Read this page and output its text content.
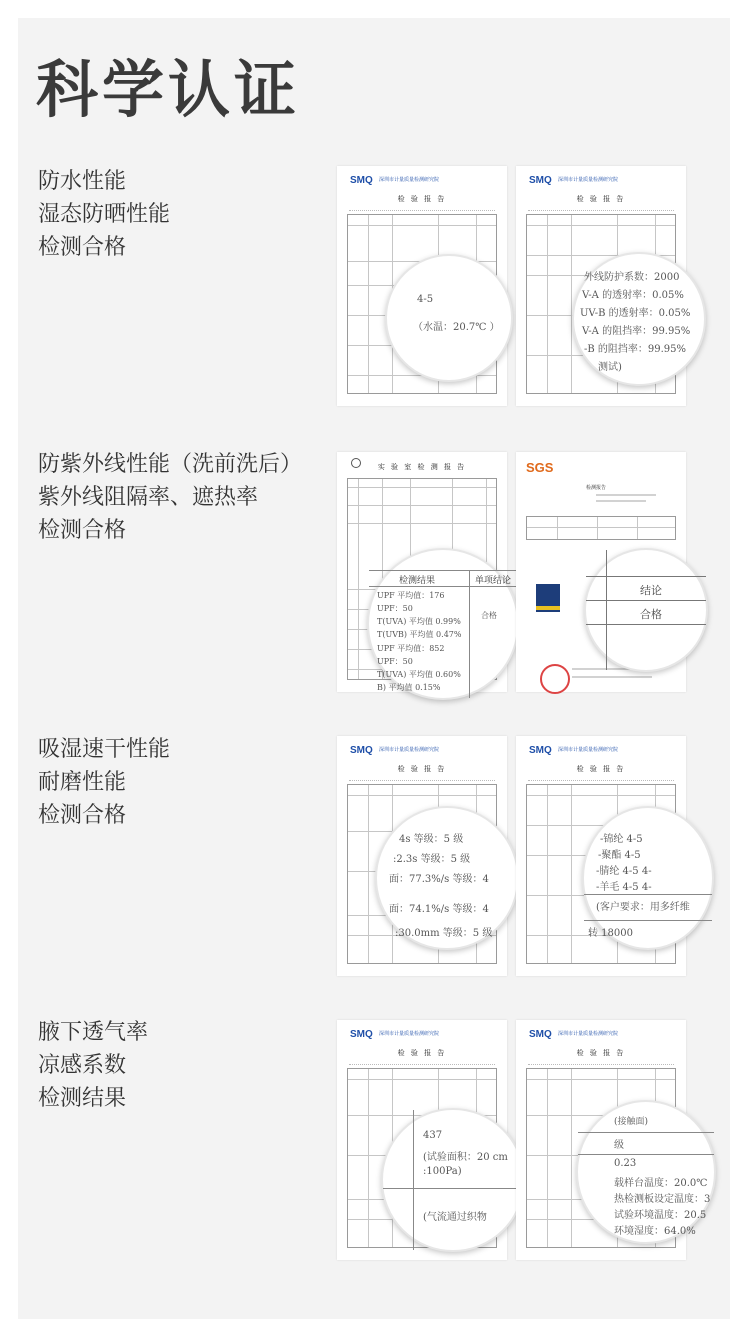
科学认证
防水性能
湿态防晒性能
检测合格
SMQ 深圳市计量质量检测研究院
检 验 报 告
4-5
（水温：20.7℃ ）
SMQ 深圳市计量质量检测研究院
检 验 报 告
外线防护系数：2000
V-A 的透射率：0.05%
UV-B 的透射率：0.05%
V-A 的阻挡率：99.95%
-B 的阻挡率：99.95%
测试)
防紫外线性能（洗前洗后）
紫外线阻隔率、遮热率
检测合格
实 验 室 检 测 报 告
检测结果	单项结论
UPF 平均值：176
UPF：50
T(UVA) 平均值 0.99%
T(UVB) 平均值 0.47%
UPF 平均值：852
UPF：50
T(UVA) 平均值 0.60%
B) 平均值 0.15%
合格
SGS
检测报告
结论
合格
吸湿速干性能
耐磨性能
检测合格
SMQ 深圳市计量质量检测研究院
检 验 报 告
4s 等级：5 级
:2.3s 等级：5 级
面：77.3%/s 等级：4
面：74.1%/s 等级：4
:30.0mm 等级：5 级
SMQ 深圳市计量质量检测研究院
检 验 报 告
-锦纶 4-5
-聚酯 4-5
-腈纶 4-5 4-
-羊毛 4-5 4-
(客户要求：用多纤维
转 18000
腋下透气率
凉感系数
检测结果
SMQ 深圳市计量质量检测研究院
检 验 报 告
437
(试验面积：20 cm
:100Pa)
(气流通过织物
SMQ 深圳市计量质量检测研究院
检 验 报 告
(接触面)
级
0.23
载样台温度：20.0℃
热检测板设定温度：3
试验环境温度：20.5
环境湿度：64.0%
